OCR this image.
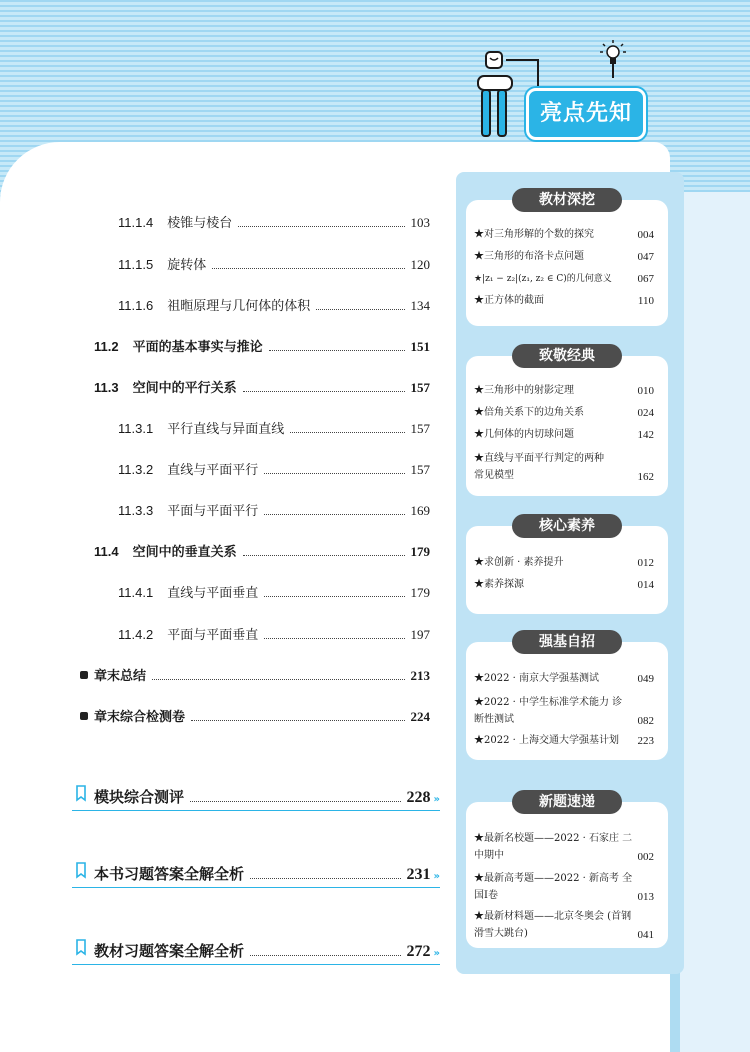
亮点先知
11.1.4 棱锥与棱台	103
11.1.5 旋转体	120
11.1.6 祖暅原理与几何体的体积	134
11.2 平面的基本事实与推论	151
11.3 空间中的平行关系	157
11.3.1 平行直线与异面直线	157
11.3.2 直线与平面平行	157
11.3.3 平面与平面平行	169
11.4 空间中的垂直关系	179
11.4.1 直线与平面垂直	179
11.4.2 平面与平面垂直	197
章末总结	213
章末综合检测卷	224
模块综合测评	228 »
本书习题答案全解全析	231 »
教材习题答案全解全析	272 »
教材深挖
★对三角形解的个数的探究	004
★三角形的布洛卡点问题	047
★|z₁ − z₂|(z₁, z₂ ∈ C)的几何意义	067
★正方体的截面	110
致敬经典
★三角形中的射影定理	010
★倍角关系下的边角关系	024
★几何体的内切球问题	142
★直线与平面平行判定的两种 常见模型	162
核心素养
★求创新 · 素养提升	012
★素养探源	014
强基自招
★2022 · 南京大学强基测试	049
★2022 · 中学生标准学术能力 诊断性测试	082
★2022 · 上海交通大学强基计划	223
新题速递
★最新名校题——2022 · 石家庄 二中期中	002
★最新高考题——2022 · 新高考 全国Ⅰ卷	013
★最新材料题——北京冬奥会 (首钢滑雪大跳台)	041
